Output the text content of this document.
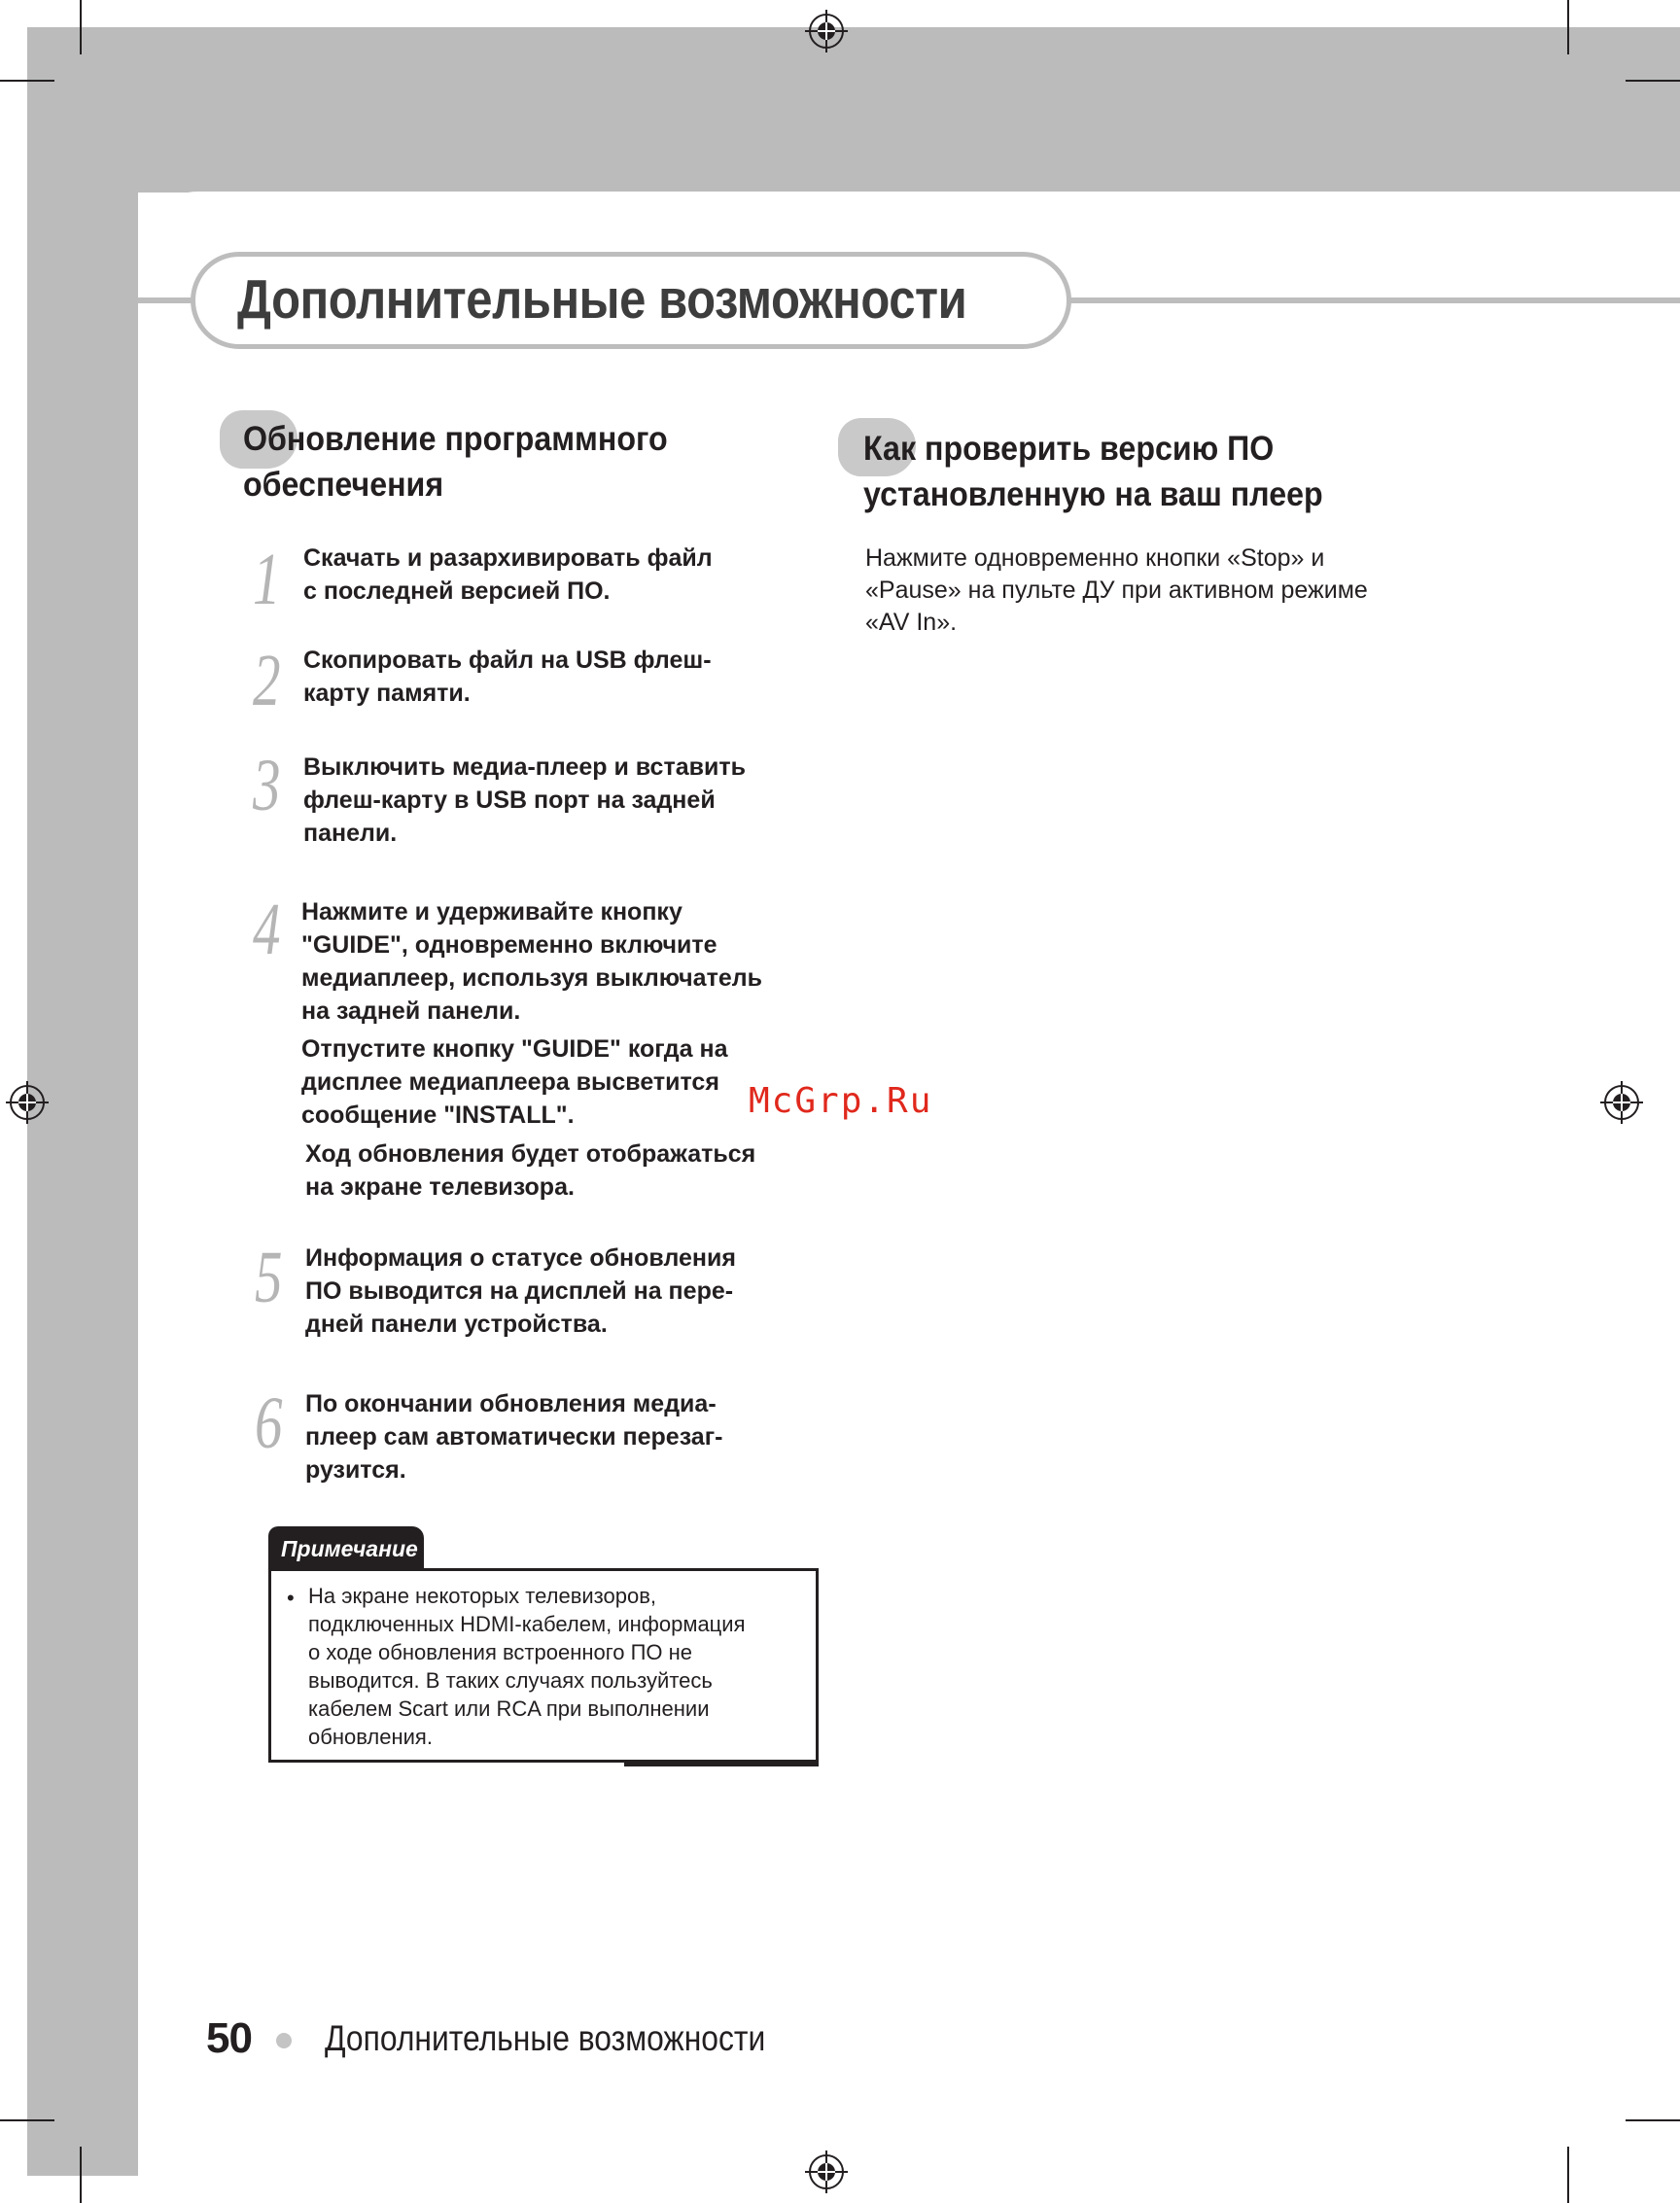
Дополнительные возможности
Обновление программного
обеспечения
1 Скачать и разархивировать файл
с последней версией ПО.
2 Скопировать файл на USB флеш-
карту памяти.
3 Выключить медиа-плеер и вставить
флеш-карту в USB порт на задней
панели.
4 Нажмите и удерживайте кнопку
"GUIDE", одновременно включите
медиаплеер, используя выключатель
на задней панели.
Отпустите кнопку "GUIDE" когда на
дисплее медиаплеера высветится
сообщение "INSTALL".
Ход обновления будет отображаться
на экране телевизора.
5 Информация о статусе обновления
ПО выводится на дисплей на пере-
дней панели устройства.
6 По окончании обновления медиа-
плеер сам автоматически перезаг-
рузится.
Примечание
• На экране некоторых телевизоров,
подключенных HDMI-кабелем, информация
о ходе обновления встроенного ПО не
выводится. В таких случаях пользуйтесь
кабелем Scart или RCA при выполнении
обновления.
Как проверить версию ПО
установленную на ваш плеер
Нажмите одновременно кнопки «Stop» и
«Pause» на пульте ДУ при активном режиме
«AV In».
McGrp.Ru
50 Дополнительные возможности
